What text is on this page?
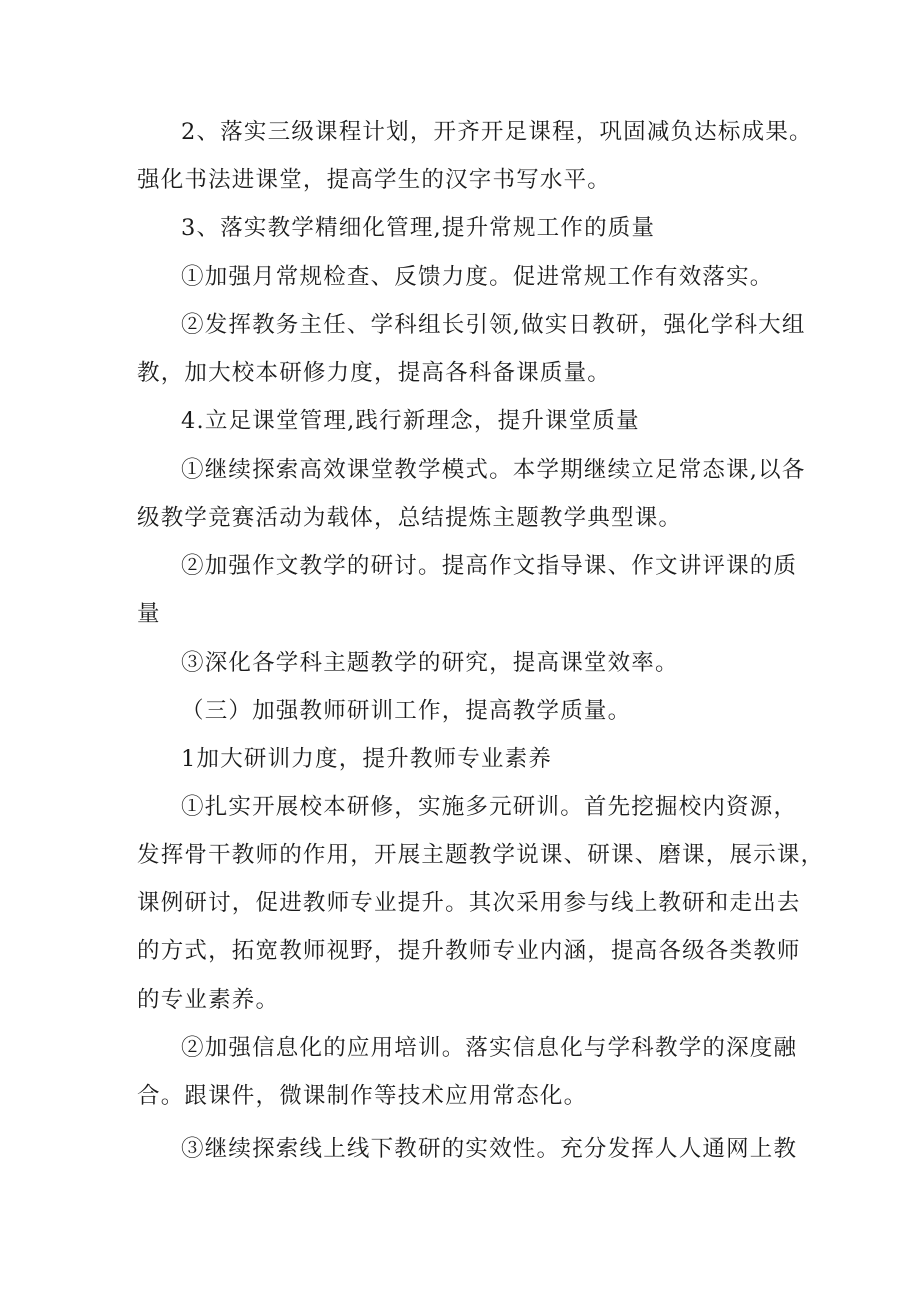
2、落实三级课程计划，开齐开足课程，巩固减负达标成果。
强化书法进课堂，提高学生的汉字书写水平。
3、落实教学精细化管理,提升常规工作的质量
①加强月常规检查、反馈力度。促进常规工作有效落实。
②发挥教务主任、学科组长引领,做实日教研，强化学科大组
教，加大校本研修力度，提高各科备课质量。
4.立足课堂管理,践行新理念，提升课堂质量
①继续探索高效课堂教学模式。本学期继续立足常态课,以各
级教学竞赛活动为载体，总结提炼主题教学典型课。
②加强作文教学的研讨。提高作文指导课、作文讲评课的质
量
③深化各学科主题教学的研究，提高课堂效率。
（三）加强教师研训工作，提高教学质量。
1加大研训力度，提升教师专业素养
①扎实开展校本研修，实施多元研训。首先挖掘校内资源，
发挥骨干教师的作用，开展主题教学说课、研课、磨课，展示课，
课例研讨，促进教师专业提升。其次采用参与线上教研和走出去
的方式，拓宽教师视野，提升教师专业内涵，提高各级各类教师
的专业素养。
②加强信息化的应用培训。落实信息化与学科教学的深度融
合。跟课件，微课制作等技术应用常态化。
③继续探索线上线下教研的实效性。充分发挥人人通网上教
